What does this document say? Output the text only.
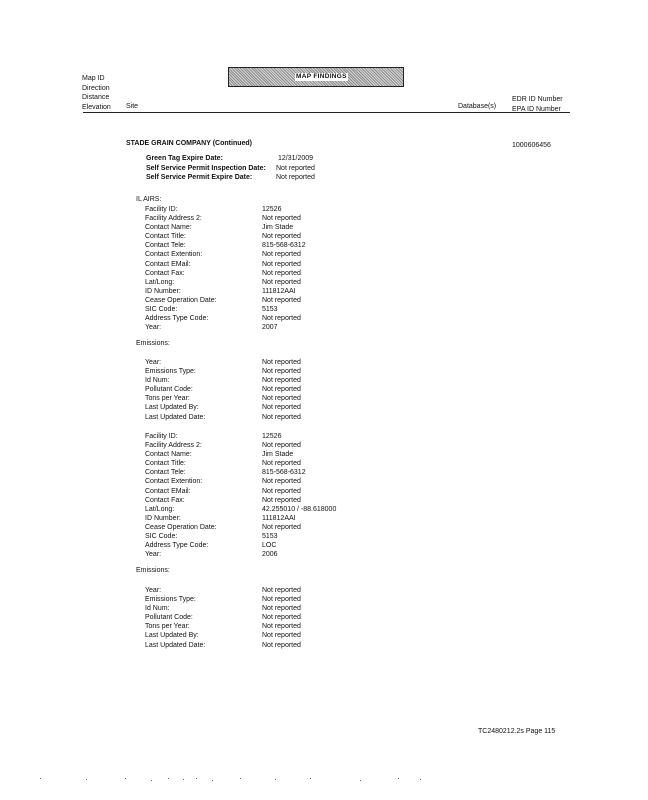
Map ID
Direction
Distance
Elevation
MAP FINDINGS
Site	Database(s)
EDR ID Number
EPA ID Number
STADE GRAIN COMPANY (Continued)	1000606456
Green Tag Expire Date:	12/31/2009
Self Service Permit Inspection Date: Not reported
Self Service Permit Expire Date:	Not reported
IL AIRS:
Facility ID:	12526
Facility Address 2:	Not reported
Contact Name:	Jim Stade
Contact Title:	Not reported
Contact Tele:	815-568-6312
Contact Extention:	Not reported
Contact EMail:	Not reported
Contact Fax:	Not reported
Lat/Long:	Not reported
ID Number:	111812AAI
Cease Operation Date:	Not reported
SIC Code:	5153
Address Type Code:	Not reported
Year:	2007
Emissions:
Year:	Not reported
Emissions Type:	Not reported
Id Num:	Not reported
Pollutant Code:	Not reported
Tons per Year:	Not reported
Last Updated By:	Not reported
Last Updated Date:	Not reported
Facility ID:	12526
Facility Address 2:	Not reported
Contact Name:	Jim Stade
Contact Title:	Not reported
Contact Tele:	815-568-6312
Contact Extention:	Not reported
Contact EMail:	Not reported
Contact Fax:	Not reported
Lat/Long:	42.255010 / -88.618000
ID Number:	111812AAI
Cease Operation Date:	Not reported
SIC Code:	5153
Address Type Code:	LOC
Year:	2006
Emissions:
Year:	Not reported
Emissions Type:	Not reported
Id Num:	Not reported
Pollutant Code:	Not reported
Tons per Year:	Not reported
Last Updated By:	Not reported
Last Updated Date:	Not reported
TC2480212.2s Page 115
